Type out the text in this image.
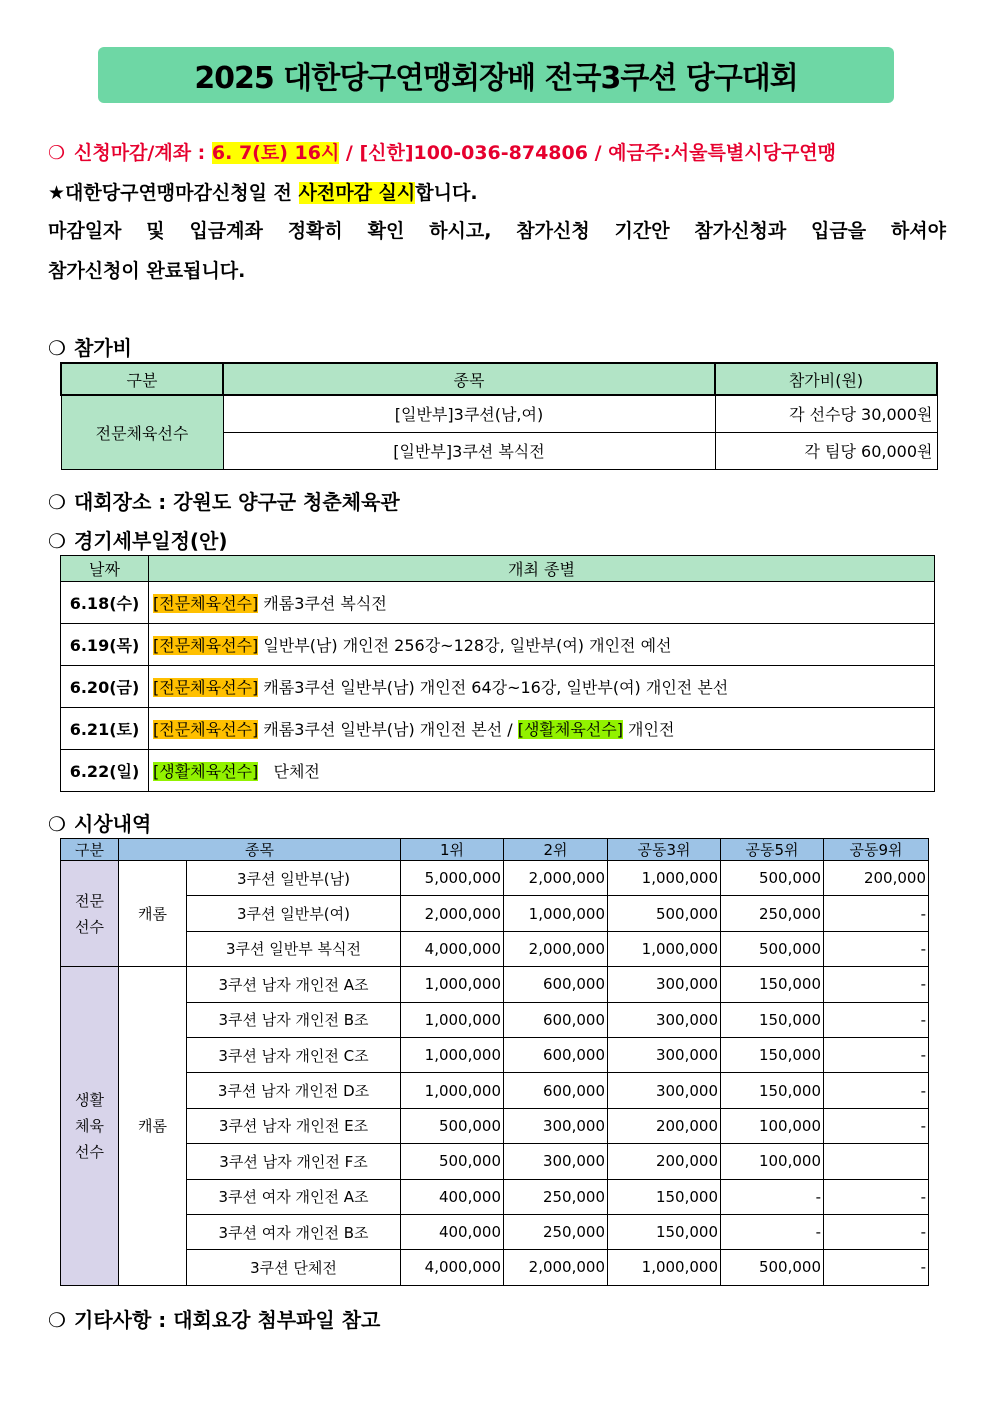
2025 대한당구연맹회장배 전국3쿠션 당구대회
❍ 신청마감/계좌 : 6. 7(토) 16시 / [신한]100-036-874806 / 예금주:서울특별시당구연맹
★대한당구연맹마감신청일 전 사전마감 실시합니다.
마감일자 및 입금계좌 정확히 확인 하시고, 참가신청 기간안 참가신청과 입금을 하셔야
참가신청이 완료됩니다.
❍ 참가비
구분	종목	참가비(원)
전문체육선수	[일반부]3쿠션(남,여)	각 선수당 30,000원
	[일반부]3쿠션 복식전	각 팀당 60,000원
❍ 대회장소 : 강원도 양구군 청춘체육관
❍ 경기세부일정(안)
날짜	개최 종별
6.18(수)	[전문체육선수] 캐롬3쿠션 복식전
6.19(목)	[전문체육선수] 일반부(남) 개인전 256강~128강, 일반부(여) 개인전 예선
6.20(금)	[전문체육선수] 캐롬3쿠션 일반부(남) 개인전 64강~16강, 일반부(여) 개인전 본선
6.21(토)	[전문체육선수] 캐롬3쿠션 일반부(남) 개인전 본선 / [생활체육선수] 개인전
6.22(일)	[생활체육선수]   단체전
❍ 시상내역
구분	종목		1위	2위	공동3위	공동5위	공동9위
전문
선수	캐롬	3쿠션 일반부(남)	5,000,000	2,000,000	1,000,000	500,000	200,000
		3쿠션 일반부(여)	2,000,000	1,000,000	500,000	250,000	-
		3쿠션 일반부 복식전	4,000,000	2,000,000	1,000,000	500,000	-
생활
체육
선수	캐롬	3쿠션 남자 개인전 A조	1,000,000	600,000	300,000	150,000	-
		3쿠션 남자 개인전 B조	1,000,000	600,000	300,000	150,000	-
		3쿠션 남자 개인전 C조	1,000,000	600,000	300,000	150,000	-
		3쿠션 남자 개인전 D조	1,000,000	600,000	300,000	150,000	-
		3쿠션 남자 개인전 E조	500,000	300,000	200,000	100,000	-
		3쿠션 남자 개인전 F조	500,000	300,000	200,000	100,000	
		3쿠션 여자 개인전 A조	400,000	250,000	150,000	-	-
		3쿠션 여자 개인전 B조	400,000	250,000	150,000	-	-
		3쿠션 단체전	4,000,000	2,000,000	1,000,000	500,000	-
❍ 기타사항 : 대회요강 첨부파일 참고
